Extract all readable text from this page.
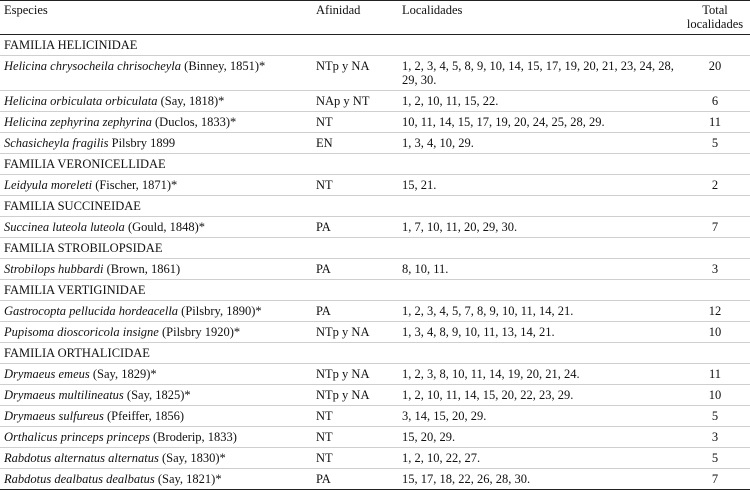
Especies	Afinidad	Localidades	Total localidades
FAMILIA HELICINIDAE			
Helicina chrysocheila chrisocheyla (Binney, 1851)*	NTp y NA	1, 2, 3, 4, 5, 8, 9, 10, 14, 15, 17, 19, 20, 21, 23, 24, 28, 29, 30.	20
Helicina orbiculata orbiculata (Say, 1818)*	NAp y NT	1, 2, 10, 11, 15, 22.	6
Helicina zephyrina zephyrina (Duclos, 1833)*	NT	10, 11, 14, 15, 17, 19, 20, 24, 25, 28, 29.	11
Schasicheyla fragilis Pilsbry 1899	EN	1, 3, 4, 10, 29.	5
FAMILIA VERONICELLIDAE			
Leidyula moreleti (Fischer, 1871)*	NT	15, 21.	2
FAMILIA SUCCINEIDAE			
Succinea luteola luteola (Gould, 1848)*	PA	1, 7, 10, 11, 20, 29, 30.	7
FAMILIA STROBILOPSIDAE			
Strobilops hubbardi (Brown, 1861)	PA	8, 10, 11.	3
FAMILIA VERTIGINIDAE			
Gastrocopta pellucida hordeacella (Pilsbry, 1890)*	PA	1, 2, 3, 4, 5, 7, 8, 9, 10, 11, 14, 21.	12
Pupisoma dioscoricola insigne (Pilsbry 1920)*	NTp y NA	1, 3, 4, 8, 9, 10, 11, 13, 14, 21.	10
FAMILIA ORTHALICIDAE			
Drymaeus emeus (Say, 1829)*	NTp y NA	1, 2, 3, 8, 10, 11, 14, 19, 20, 21, 24.	11
Drymaeus multilineatus (Say, 1825)*	NTp y NA	1, 2, 10, 11, 14, 15, 20, 22, 23, 29.	10
Drymaeus sulfureus (Pfeiffer, 1856)	NT	3, 14, 15, 20, 29.	5
Orthalicus princeps princeps (Broderip, 1833)	NT	15, 20, 29.	3
Rabdotus alternatus alternatus (Say, 1830)*	NT	1, 2, 10, 22, 27.	5
Rabdotus dealbatus dealbatus (Say, 1821)*	PA	15, 17, 18, 22, 26, 28, 30.	7
